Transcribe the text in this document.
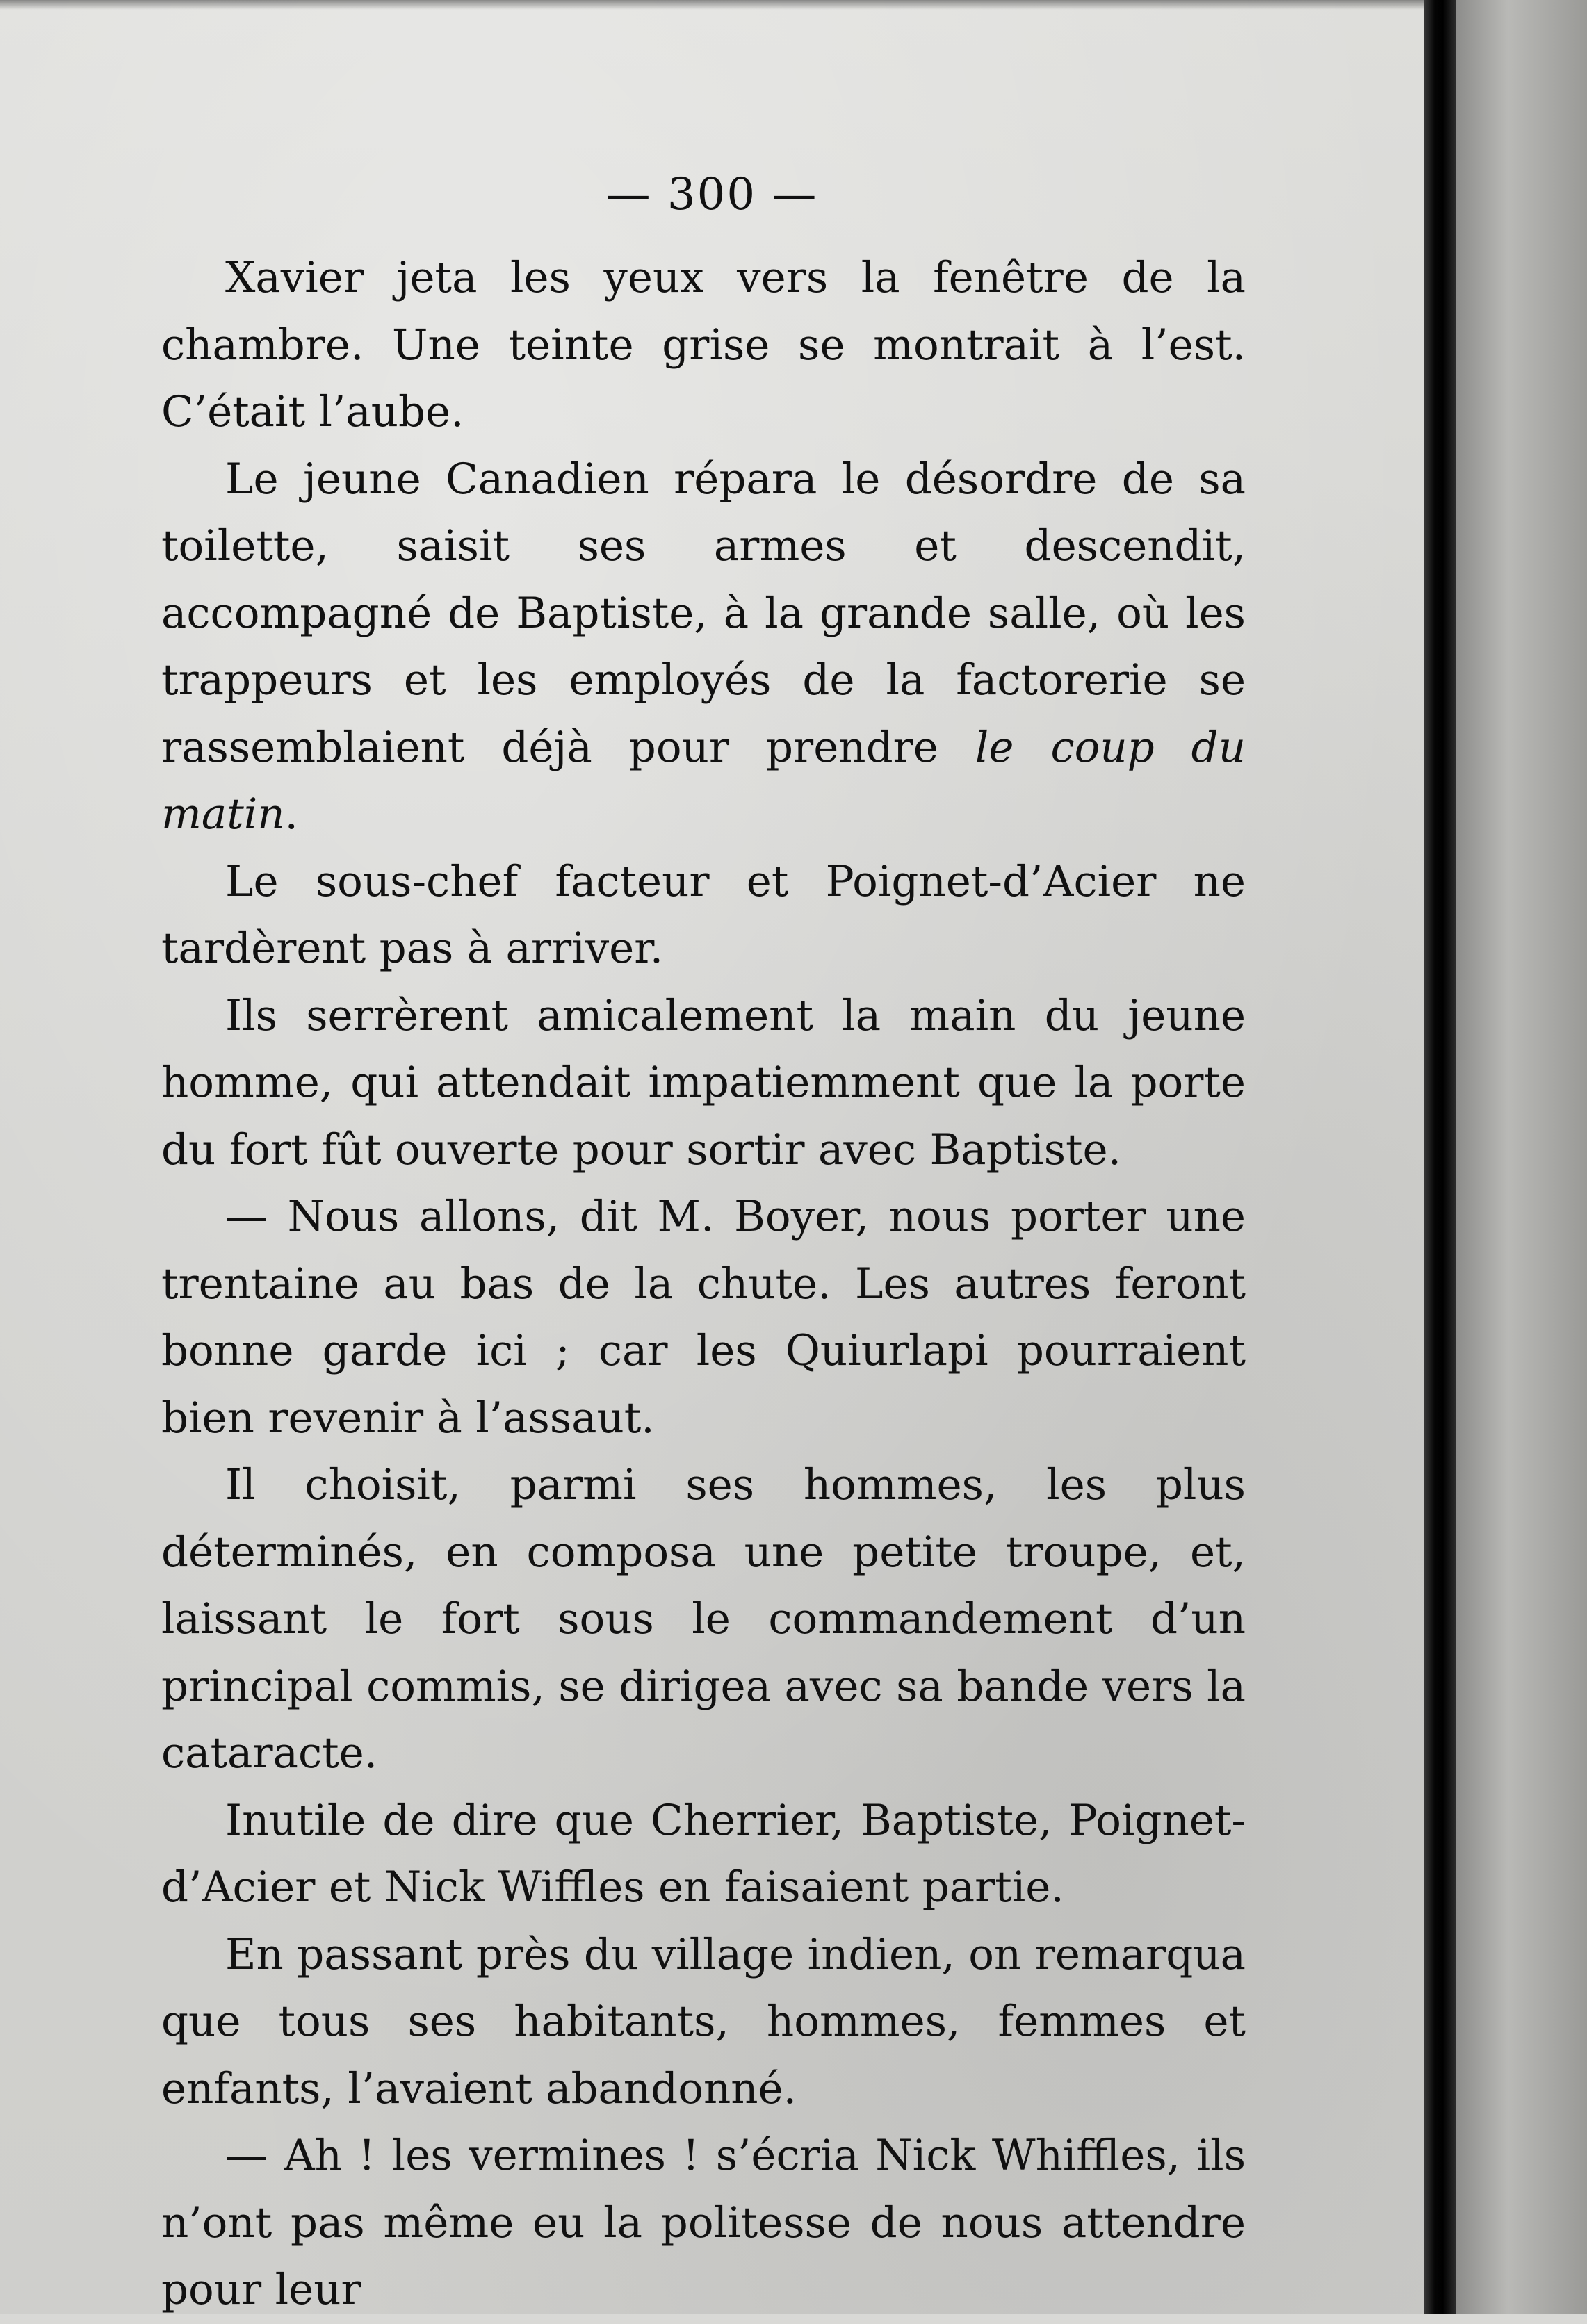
— 300 —

Xavier jeta les yeux vers la fenêtre de la chambre. Une teinte grise se montrait à l’est. C’était l’aube.

Le jeune Canadien répara le désordre de sa toilette, saisit ses armes et descendit, accompagné de Baptiste, à la grande salle, où les trappeurs et les employés de la factorerie se rassemblaient déjà pour prendre le coup du matin.

Le sous-chef facteur et Poignet-d’Acier ne tardèrent pas à arriver.

Ils serrèrent amicalement la main du jeune homme, qui attendait impatiemment que la porte du fort fût ouverte pour sortir avec Baptiste.

— Nous allons, dit M. Boyer, nous porter une trentaine au bas de la chute. Les autres feront bonne garde ici ; car les Quiurlapi pourraient bien revenir à l’assaut.

Il choisit, parmi ses hommes, les plus déterminés, en composa une petite troupe, et, laissant le fort sous le commandement d’un principal commis, se dirigea avec sa bande vers la cataracte.

Inutile de dire que Cherrier, Baptiste, Poignet-d’Acier et Nick Wiffles en faisaient partie.

En passant près du village indien, on remarqua que tous ses habitants, hommes, femmes et enfants, l’avaient abandonné.

— Ah ! les vermines ! s’écria Nick Whiffles, ils n’ont pas même eu la politesse de nous attendre pour leur
